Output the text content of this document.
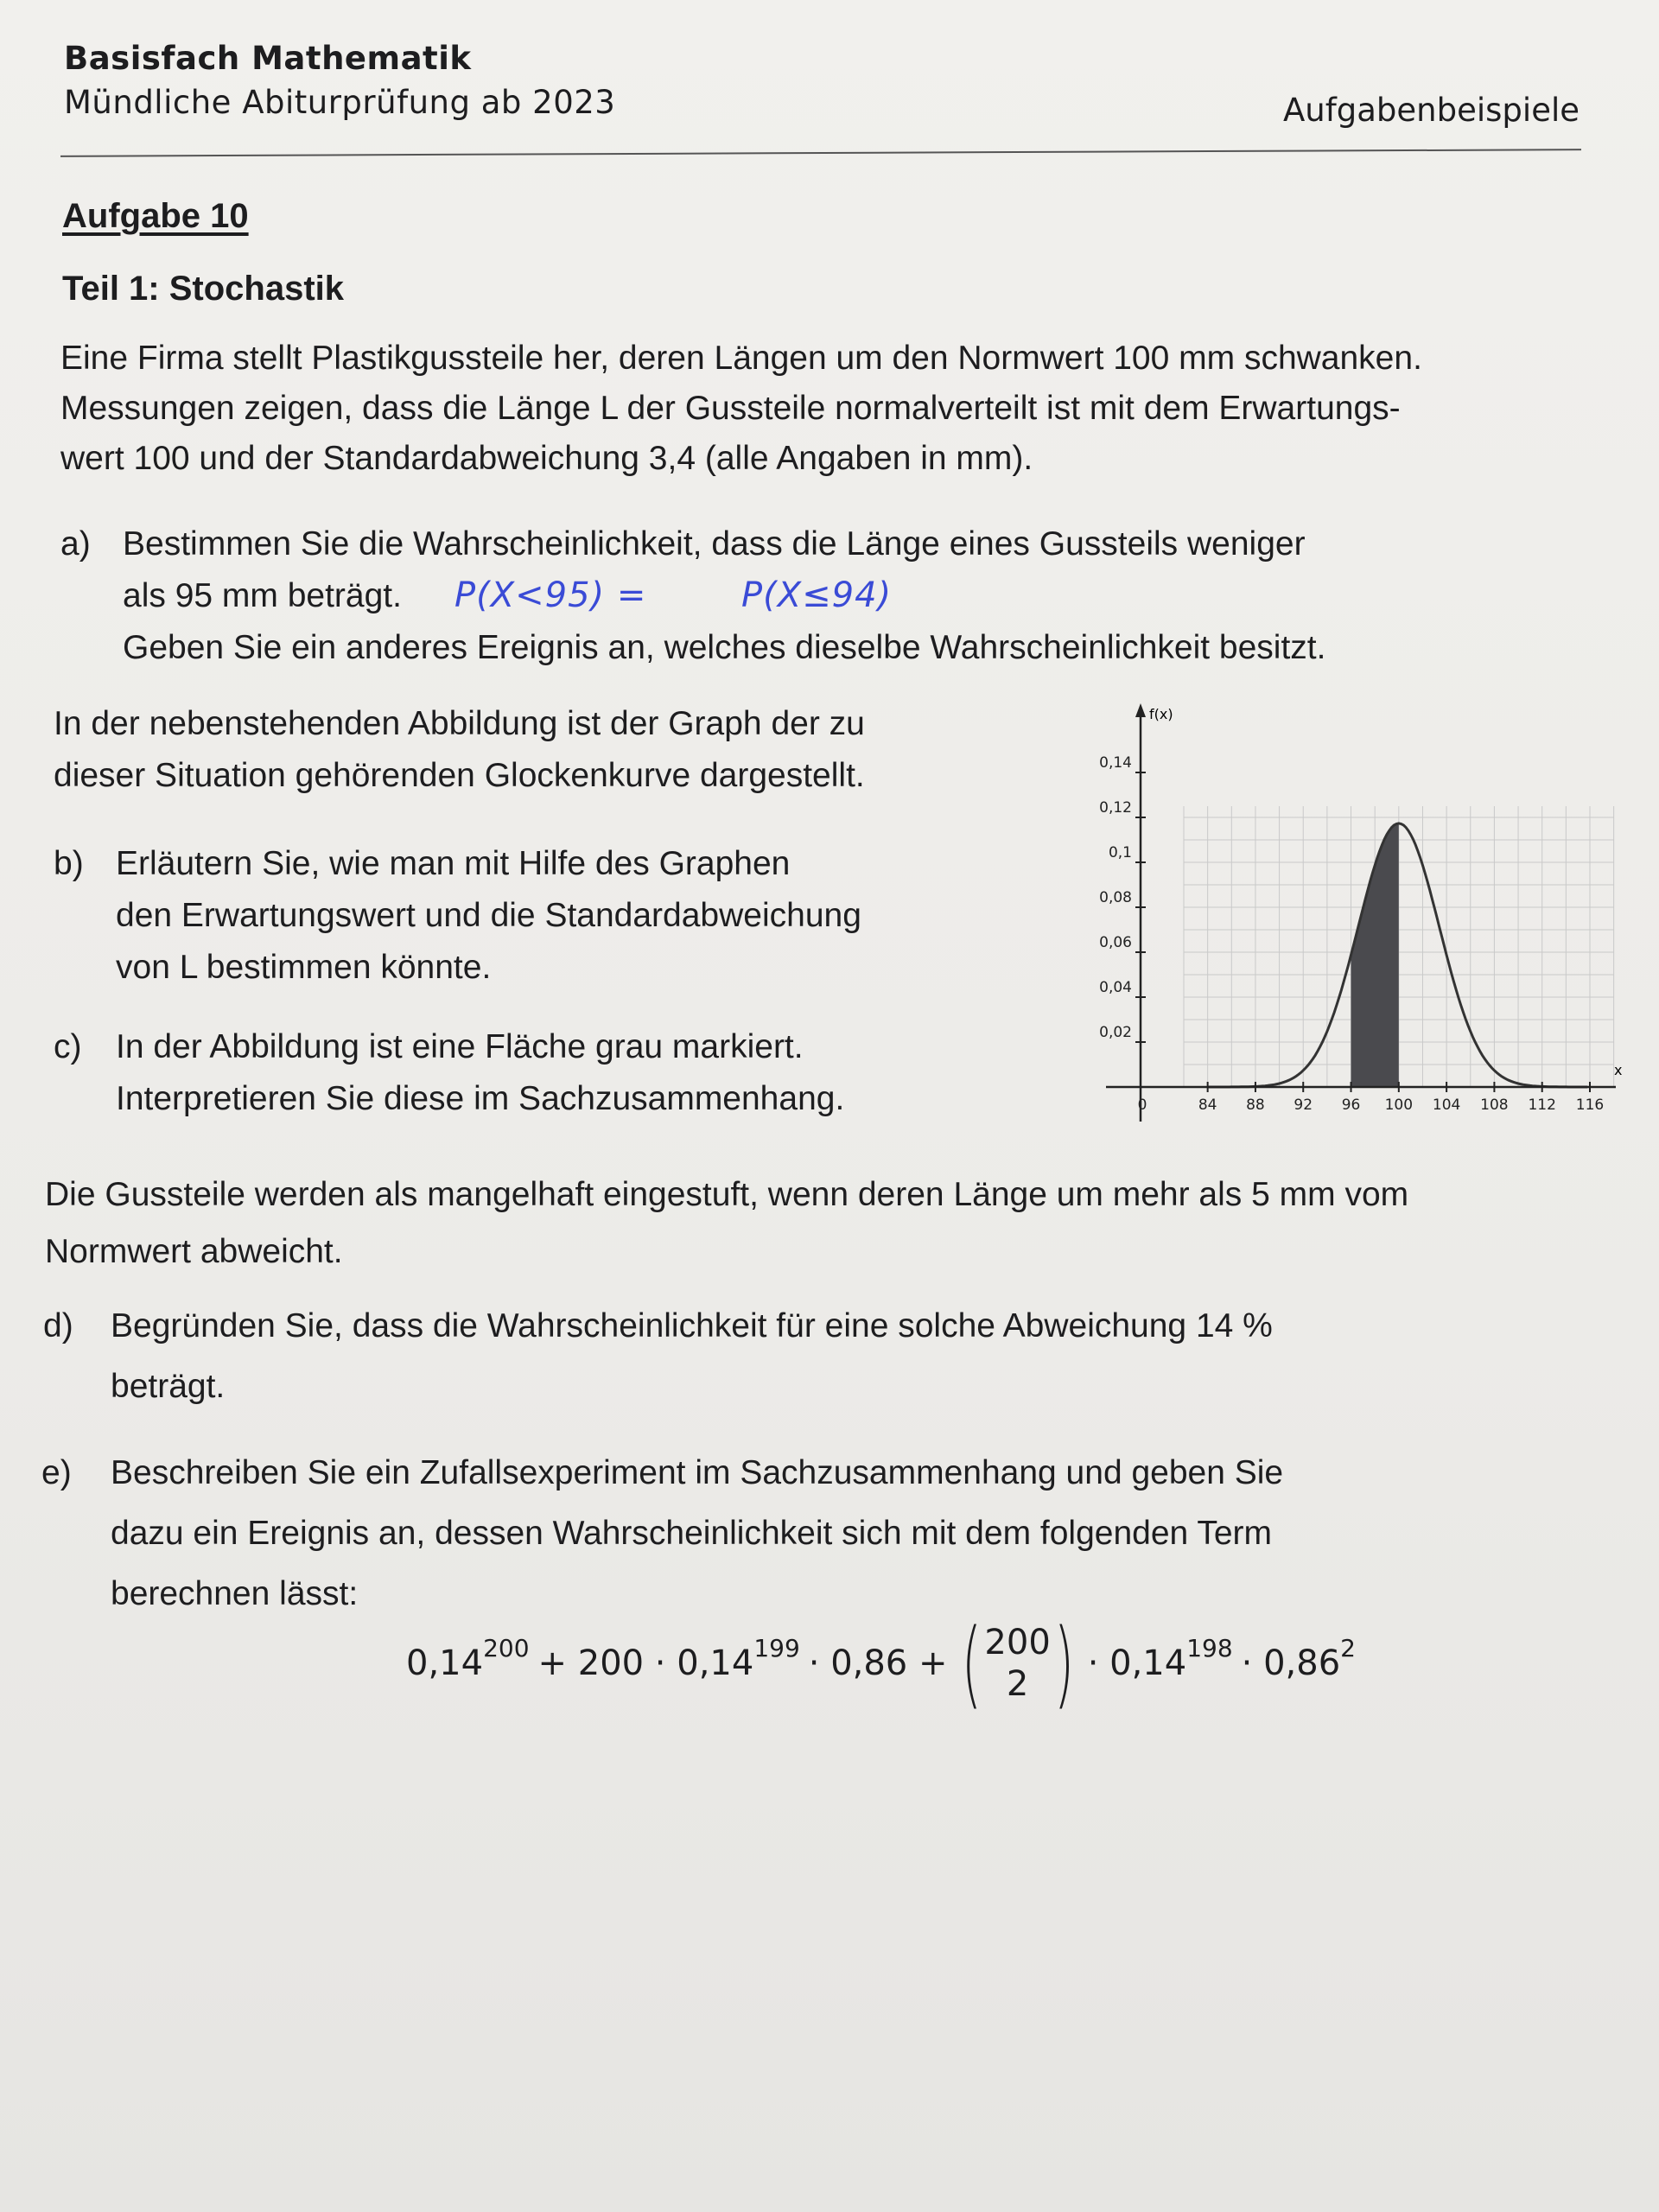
Basisfach Mathematik
Mündliche Abiturprüfung ab 2023	Aufgabenbeispiele
Aufgabe 10
Teil 1: Stochastik
Eine Firma stellt Plastikgussteile her, deren Längen um den Normwert 100 mm schwanken.
Messungen zeigen, dass die Länge L der Gussteile normalverteilt ist mit dem Erwartungs-
wert 100 und der Standardabweichung 3,4 (alle Angaben in mm).
a) Bestimmen Sie die Wahrscheinlichkeit, dass die Länge eines Gussteils weniger
als 95 mm beträgt.
Geben Sie ein anderes Ereignis an, welches dieselbe Wahrscheinlichkeit besitzt.
P(X<95) =	P(X≤94)
In der nebenstehenden Abbildung ist der Graph der zu
dieser Situation gehörenden Glockenkurve dargestellt.
b) Erläutern Sie, wie man mit Hilfe des Graphen
den Erwartungswert und die Standardabweichung
von L bestimmen könnte.
c) In der Abbildung ist eine Fläche grau markiert.
Interpretieren Sie diese im Sachzusammenhang.
f(x)
x
0,02
0,04
0,06
0,08
0,1
0,12
0,14
0	84 88 92 96 100 104 108 112 116
Die Gussteile werden als mangelhaft eingestuft, wenn deren Länge um mehr als 5 mm vom
Normwert abweicht.
d) Begründen Sie, dass die Wahrscheinlichkeit für eine solche Abweichung 14 %
beträgt.
e) Beschreiben Sie ein Zufallsexperiment im Sachzusammenhang und geben Sie
dazu ein Ereignis an, dessen Wahrscheinlichkeit sich mit dem folgenden Term
berechnen lässt:
$0,14^{200} + 200 \cdot 0,14^{199} \cdot 0,86$ + ( 200
2 ) · $0,14^{198} \cdot 0,86^2$
